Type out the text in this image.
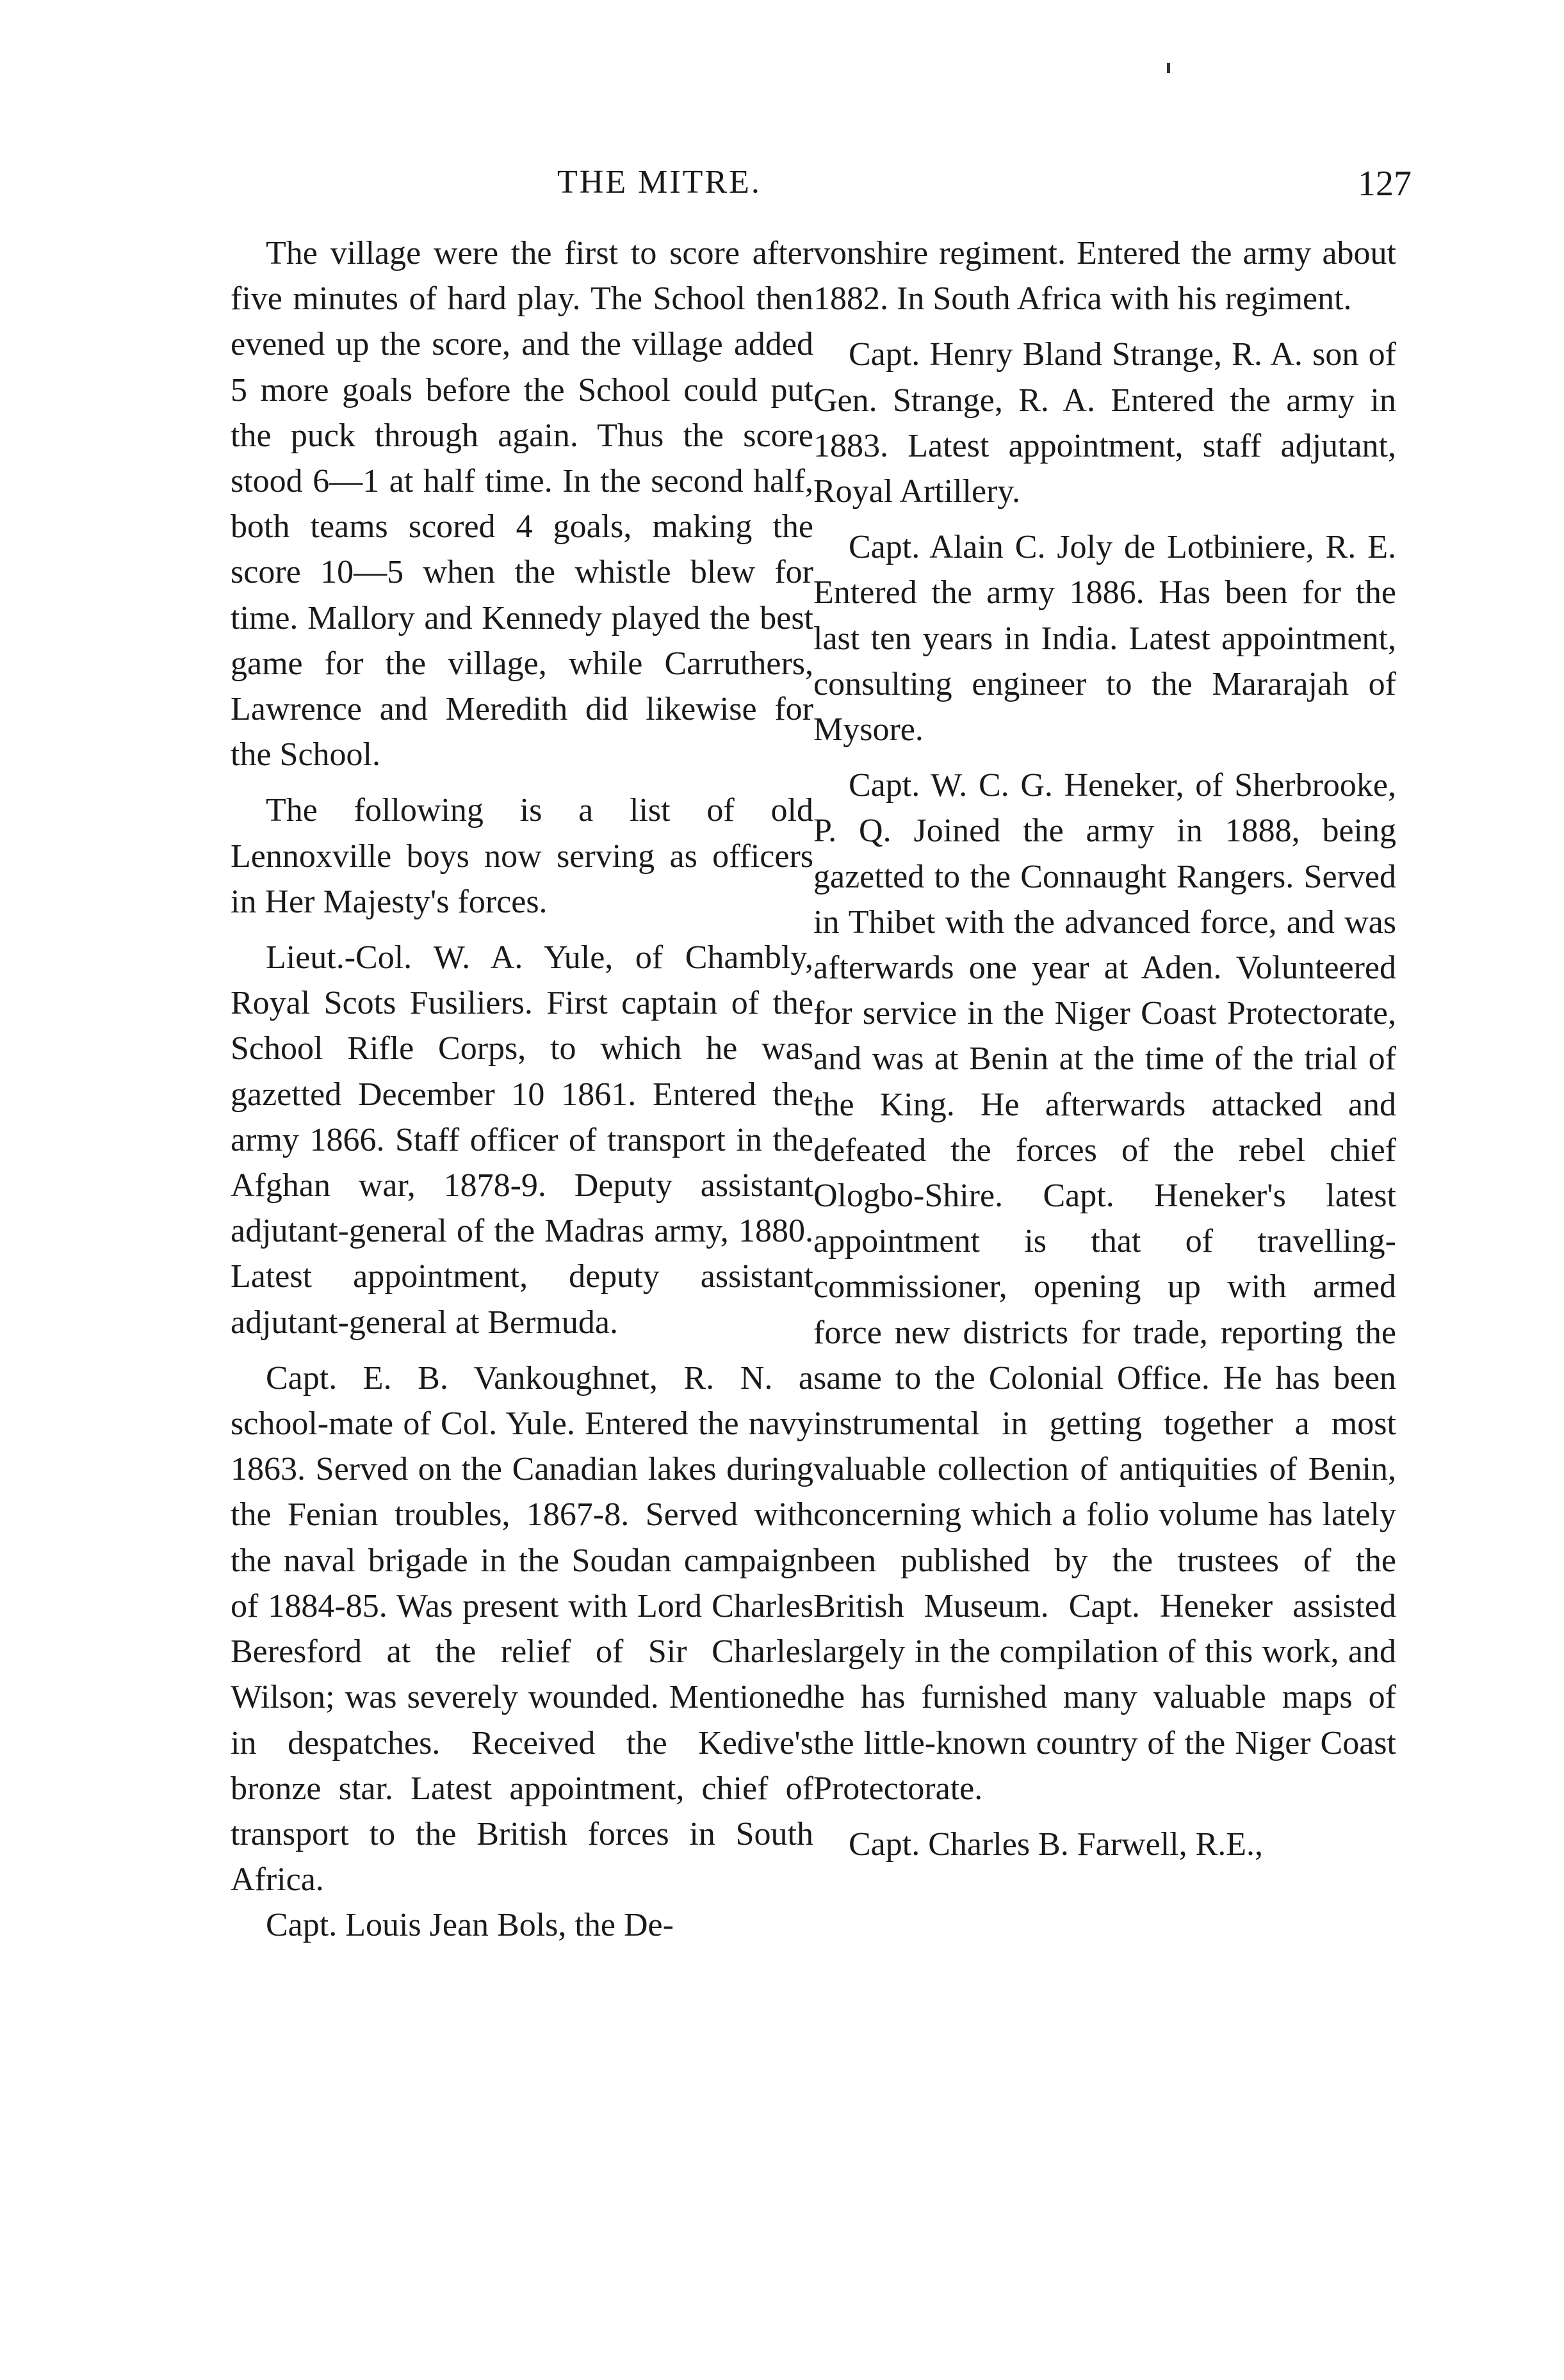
THE MITRE.	127

The village were the first to score after five minutes of hard play. The School then evened up the score, and the village added 5 more goals before the School could put the puck through again. Thus the score stood 6—1 at half time. In the second half, both teams scored 4 goals, making the score 10—5 when the whistle blew for time. Mallory and Kennedy played the best game for the village, while Carruthers, Lawrence and Meredith did likewise for the School.

The following is a list of old Lennoxville boys now serving as officers in Her Majesty's forces.

Lieut.-Col. W. A. Yule, of Chambly, Royal Scots Fusiliers. First captain of the School Rifle Corps, to which he was gazetted December 10 1861. Entered the army 1866. Staff officer of transport in the Afghan war, 1878-9. Deputy assistant adjutant-general of the Madras army, 1880. Latest appointment, deputy assistant adjutant-general at Bermuda.

Capt. E. B. Vankoughnet, R. N. a school-mate of Col. Yule. Entered the navy 1863. Served on the Canadian lakes during the Fenian troubles, 1867-8. Served with the naval brigade in the Soudan campaign of 1884-85. Was present with Lord Charles Beresford at the relief of Sir Charles Wilson; was severely wounded. Mentioned in despatches. Received the Kedive's bronze star. Latest appointment, chief of transport to the British forces in South Africa.

Capt. Louis Jean Bols, the De-

vonshire regiment. Entered the army about 1882. In South Africa with his regiment.

Capt. Henry Bland Strange, R. A. son of Gen. Strange, R. A. Entered the army in 1883. Latest appointment, staff adjutant, Royal Artillery.

Capt. Alain C. Joly de Lotbiniere, R. E. Entered the army 1886. Has been for the last ten years in India. Latest appointment, consulting engineer to the Mararajah of Mysore.

Capt. W. C. G. Heneker, of Sherbrooke, P. Q. Joined the army in 1888, being gazetted to the Connaught Rangers. Served in Thibet with the advanced force, and was afterwards one year at Aden. Volunteered for service in the Niger Coast Protectorate, and was at Benin at the time of the trial of the King. He afterwards attacked and defeated the forces of the rebel chief Ologbo-Shire. Capt. Heneker's latest appointment is that of travelling-commissioner, opening up with armed force new districts for trade, reporting the same to the Colonial Office. He has been instrumental in getting together a most valuable collection of antiquities of Benin, concerning which a folio volume has lately been published by the trustees of the British Museum. Capt. Heneker assisted largely in the compilation of this work, and he has furnished many valuable maps of the little-known country of the Niger Coast Protectorate.

Capt. Charles B. Farwell, R.E.,
